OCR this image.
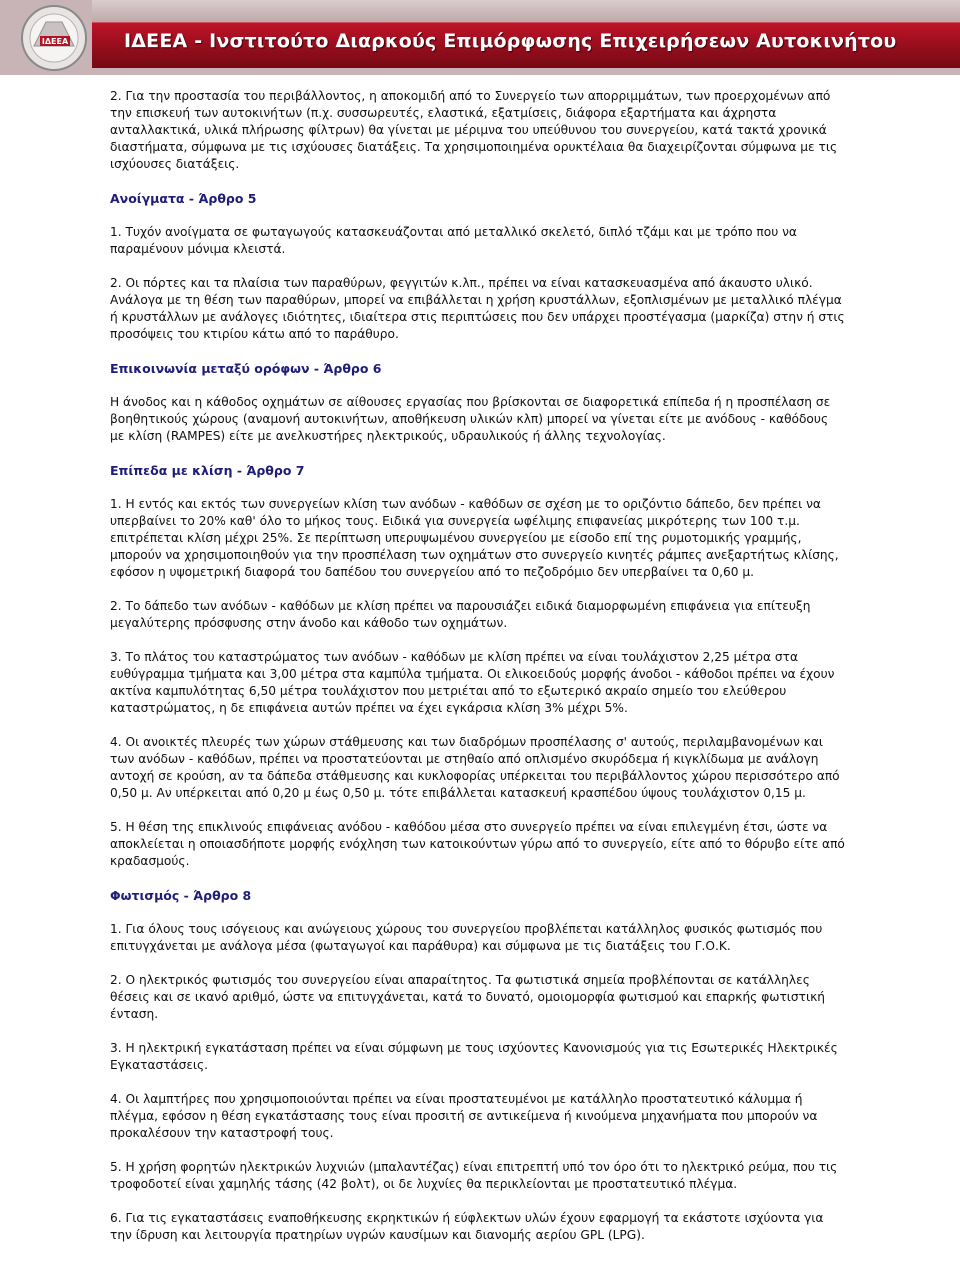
ΙΔΕΕΑ	ΙΔΕΕΑ - Ινστιτούτο Διαρκούς Επιμόρφωσης Επιχειρήσεων Αυτοκινήτου

2. Για την προστασία του περιβάλλοντος, η αποκομιδή από το Συνεργείο των απορριμμάτων, των προερχομένων από την επισκευή των αυτοκινήτων (π.χ. συσσωρευτές, ελαστικά, εξατμίσεις, διάφορα εξαρτήματα και άχρηστα ανταλλακτικά, υλικά πλήρωσης φίλτρων) θα γίνεται με μέριμνα του υπεύθυνου του συνεργείου, κατά τακτά χρονικά διαστήματα, σύμφωνα με τις ισχύουσες διατάξεις. Τα χρησιμοποιημένα ορυκτέλαια θα διαχειρίζονται σύμφωνα με τις ισχύουσες διατάξεις.

Ανοίγματα - Άρθρο 5

1. Τυχόν ανοίγματα σε φωταγωγούς κατασκευάζονται από μεταλλικό σκελετό, διπλό τζάμι και με τρόπο που να παραμένουν μόνιμα κλειστά.

2. Οι πόρτες και τα πλαίσια των παραθύρων, φεγγιτών κ.λπ., πρέπει να είναι κατασκευασμένα από άκαυστο υλικό. Ανάλογα με τη θέση των παραθύρων, μπορεί να επιβάλλεται η χρήση κρυστάλλων, εξοπλισμένων με μεταλλικό πλέγμα ή κρυστάλλων με ανάλογες ιδιότητες, ιδιαίτερα στις περιπτώσεις που δεν υπάρχει προστέγασμα (μαρκίζα) στην ή στις προσόψεις του κτιρίου κάτω από το παράθυρο.

Επικοινωνία μεταξύ ορόφων - Άρθρο 6

Η άνοδος και η κάθοδος οχημάτων σε αίθουσες εργασίας που βρίσκονται σε διαφορετικά επίπεδα ή η προσπέλαση σε βοηθητικούς χώρους (αναμονή αυτοκινήτων, αποθήκευση υλικών κλπ) μπορεί να γίνεται είτε με ανόδους - καθόδους με κλίση (RAMPES) είτε με ανελκυστήρες ηλεκτρικούς, υδραυλικούς ή άλλης τεχνολογίας.

Επίπεδα με κλίση - Άρθρο 7

1. Η εντός και εκτός των συνεργείων κλίση των ανόδων - καθόδων σε σχέση με το οριζόντιο δάπεδο, δεν πρέπει να υπερβαίνει το 20% καθ' όλο το μήκος τους. Ειδικά για συνεργεία ωφέλιμης επιφανείας μικρότερης των 100 τ.μ. επιτρέπεται κλίση μέχρι 25%. Σε περίπτωση υπερυψωμένου συνεργείου με είσοδο επί της ρυμοτομικής γραμμής, μπορούν να χρησιμοποιηθούν για την προσπέλαση των οχημάτων στο συνεργείο κινητές ράμπες ανεξαρτήτως κλίσης, εφόσον η υψομετρική διαφορά του δαπέδου του συνεργείου από το πεζοδρόμιο δεν υπερβαίνει τα 0,60 μ.

2. Το δάπεδο των ανόδων - καθόδων με κλίση πρέπει να παρουσιάζει ειδικά διαμορφωμένη επιφάνεια για επίτευξη μεγαλύτερης πρόσφυσης στην άνοδο και κάθοδο των οχημάτων.

3. Το πλάτος του καταστρώματος των ανόδων - καθόδων με κλίση πρέπει να είναι τουλάχιστον 2,25 μέτρα στα ευθύγραμμα τμήματα και 3,00 μέτρα στα καμπύλα τμήματα. Οι ελικοειδούς μορφής άνοδοι - κάθοδοι πρέπει να έχουν ακτίνα καμπυλότητας 6,50 μέτρα τουλάχιστον που μετριέται από το εξωτερικό ακραίο σημείο του ελεύθερου καταστρώματος, η δε επιφάνεια αυτών πρέπει να έχει εγκάρσια κλίση 3% μέχρι 5%.

4. Οι ανοικτές πλευρές των χώρων στάθμευσης και των διαδρόμων προσπέλασης σ' αυτούς, περιλαμβανομένων και των ανόδων - καθόδων, πρέπει να προστατεύονται με στηθαίο από οπλισμένο σκυρόδεμα ή κιγκλίδωμα με ανάλογη αντοχή σε κρούση, αν τα δάπεδα στάθμευσης και κυκλοφορίας υπέρκειται του περιβάλλοντος χώρου περισσότερο από 0,50 μ. Αν υπέρκειται από 0,20 μ έως 0,50 μ. τότε επιβάλλεται κατασκευή κρασπέδου ύψους τουλάχιστον 0,15 μ.

5. Η θέση της επικλινούς επιφάνειας ανόδου - καθόδου μέσα στο συνεργείο πρέπει να είναι επιλεγμένη έτσι, ώστε να αποκλείεται η οποιασδήποτε μορφής ενόχληση των κατοικούντων γύρω από το συνεργείο, είτε από το θόρυβο είτε από κραδασμούς.

Φωτισμός - Άρθρο 8

1. Για όλους τους ισόγειους και ανώγειους χώρους του συνεργείου προβλέπεται κατάλληλος φυσικός φωτισμός που επιτυγχάνεται με ανάλογα μέσα (φωταγωγοί και παράθυρα) και σύμφωνα με τις διατάξεις του Γ.Ο.Κ.

2. Ο ηλεκτρικός φωτισμός του συνεργείου είναι απαραίτητος. Τα φωτιστικά σημεία προβλέπονται σε κατάλληλες θέσεις και σε ικανό αριθμό, ώστε να επιτυγχάνεται, κατά το δυνατό, ομοιομορφία φωτισμού και επαρκής φωτιστική ένταση.

3. Η ηλεκτρική εγκατάσταση πρέπει να είναι σύμφωνη με τους ισχύοντες Κανονισμούς για τις Εσωτερικές Ηλεκτρικές Εγκαταστάσεις.

4. Οι λαμπτήρες που χρησιμοποιούνται πρέπει να είναι προστατευμένοι με κατάλληλο προστατευτικό κάλυμμα ή πλέγμα, εφόσον η θέση εγκατάστασης τους είναι προσιτή σε αντικείμενα ή κινούμενα μηχανήματα που μπορούν να προκαλέσουν την καταστροφή τους.

5. Η χρήση φορητών ηλεκτρικών λυχνιών (μπαλαντέζας) είναι επιτρεπτή υπό τον όρο ότι το ηλεκτρικό ρεύμα, που τις τροφοδοτεί είναι χαμηλής τάσης (42 βολτ), οι δε λυχνίες θα περικλείονται με προστατευτικό πλέγμα.

6. Για τις εγκαταστάσεις εναποθήκευσης εκρηκτικών ή εύφλεκτων υλών έχουν εφαρμογή τα εκάστοτε ισχύοντα για την ίδρυση και λειτουργία πρατηρίων υγρών καυσίμων και διανομής αερίου GPL (LPG).
